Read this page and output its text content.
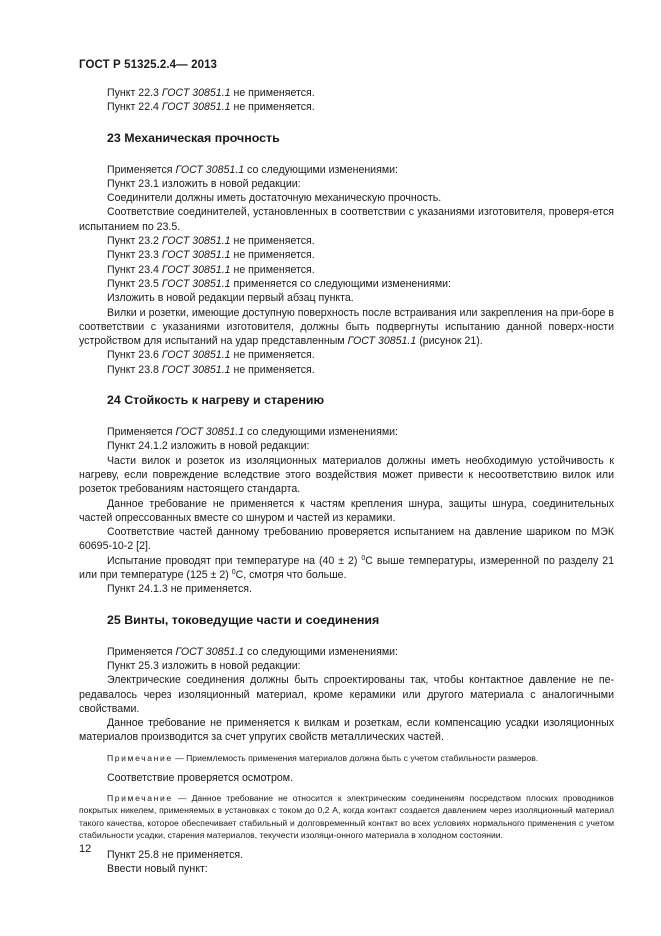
ГОСТ Р 51325.2.4— 2013

Пункт 22.3 ГОСТ 30851.1 не применяется.

Пункт 22.4 ГОСТ 30851.1 не применяется.

23 Механическая прочность

Применяется ГОСТ 30851.1 со следующими изменениями:

Пункт 23.1 изложить в новой редакции:

Соединители должны иметь достаточную механическую прочность.

Соответствие соединителей, установленных в соответствии с указаниями изготовителя, проверя-ется испытанием по 23.5.

Пункт 23.2 ГОСТ 30851.1 не применяется.

Пункт 23.3 ГОСТ 30851.1 не применяется.

Пункт 23.4 ГОСТ 30851.1 не применяется.

Пункт 23.5 ГОСТ 30851.1 применяется со следующими изменениями:

Изложить в новой редакции первый абзац пункта.

Вилки и розетки, имеющие доступную поверхность после встраивания или закрепления на при-боре в соответствии с указаниями изготовителя, должны быть подвергнуты испытанию данной поверх-ности устройством для испытаний на удар представленным ГОСТ 30851.1 (рисунок 21).

Пункт 23.6 ГОСТ 30851.1 не применяется.

Пункт 23.8 ГОСТ 30851.1 не применяется.

24 Стойкость к нагреву и старению

Применяется ГОСТ 30851.1 со следующими изменениями:

Пункт 24.1.2 изложить в новой редакции:

Части вилок и розеток из изоляционных материалов должны иметь необходимую устойчивость к нагреву, если повреждение вследствие этого воздействия может привести к несоответствию вилок или розеток требованиям настоящего стандарта.

Данное требование не применяется к частям крепления шнура, защиты шнура, соединительных частей опрессованных вместе со шнуром и частей из керамики.

Соответствие частей данному требованию проверяется испытанием на давление шариком по МЭК 60695-10-2 [2].

Испытание проводят при температуре на (40 ± 2) $^0$С выше температуры, измеренной по разделу 21 или при температуре (125 ± 2) $^0$С, смотря что больше.

Пункт 24.1.3 не применяется.

25 Винты, токоведущие части и соединения

Применяется ГОСТ 30851.1 со следующими изменениями:

Пункт 25.3 изложить в новой редакции:

Электрические соединения должны быть спроектированы так, чтобы контактное давление не пе-редавалось через изоляционный материал, кроме керамики или другого материала с аналогичными свойствами.

Данное требование не применяется к вилкам и розеткам, если компенсацию усадки изоляционных материалов производится за счет упругих свойств металлических частей.

Примечание — Приемлемость применения материалов должна быть с учетом стабильности размеров.

Соответствие проверяется осмотром.

Примечание — Данное требование не относится к электрическим соединениям посредством плоских проводников покрытых никелем, применяемых в установках с током до 0,2 А, когда контакт создается давлением через изоляционный материал такого качества, которое обеспечивает стабильный и долговременный контакт во всех условиях нормального применения с учетом стабильности усадки, старения материалов, текучести изоляци-онного материала в холодном состоянии.

Пункт 25.8 не применяется.

Ввести новый пункт:

12
